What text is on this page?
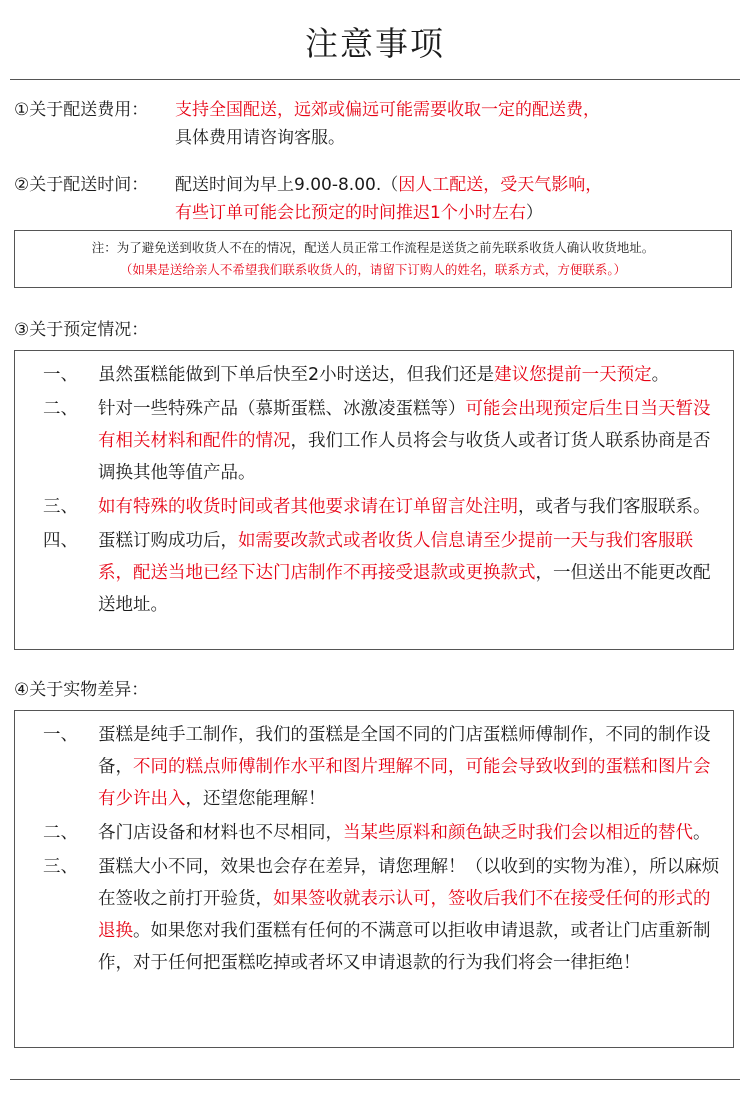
注意事项
①关于配送费用： 支持全国配送，远郊或偏远可能需要收取一定的配送费，
具体费用请咨询客服。
②关于配送时间： 配送时间为早上9.00-8.00.（因人工配送，受天气影响，
有些订单可能会比预定的时间推迟1个小时左右）
注：为了避免送到收货人不在的情况，配送人员正常工作流程是送货之前先联系收货人确认收货地址。
（如果是送给亲人不希望我们联系收货人的，请留下订购人的姓名，联系方式，方便联系。）
③关于预定情况：
一、	虽然蛋糕能做到下单后快至2小时送达，但我们还是建议您提前一天预定。
二、	针对一些特殊产品（慕斯蛋糕、冰激凌蛋糕等）可能会出现预定后生日当天暂没有相关材料和配件的情况，我们工作人员将会与收货人或者订货人联系协商是否调换其他等值产品。
三、	如有特殊的收货时间或者其他要求请在订单留言处注明，或者与我们客服联系。
四、	蛋糕订购成功后，如需要改款式或者收货人信息请至少提前一天与我们客服联系，配送当地已经下达门店制作不再接受退款或更换款式，一但送出不能更改配送地址。
④关于实物差异：
一、	蛋糕是纯手工制作，我们的蛋糕是全国不同的门店蛋糕师傅制作，不同的制作设备，不同的糕点师傅制作水平和图片理解不同，可能会导致收到的蛋糕和图片会有少许出入，还望您能理解！
二、	各门店设备和材料也不尽相同，当某些原料和颜色缺乏时我们会以相近的替代。
三、	蛋糕大小不同，效果也会存在差异，请您理解！（以收到的实物为准），所以麻烦在签收之前打开验货，如果签收就表示认可，签收后我们不在接受任何的形式的退换。如果您对我们蛋糕有任何的不满意可以拒收申请退款，或者让门店重新制作，对于任何把蛋糕吃掉或者坏又申请退款的行为我们将会一律拒绝！
